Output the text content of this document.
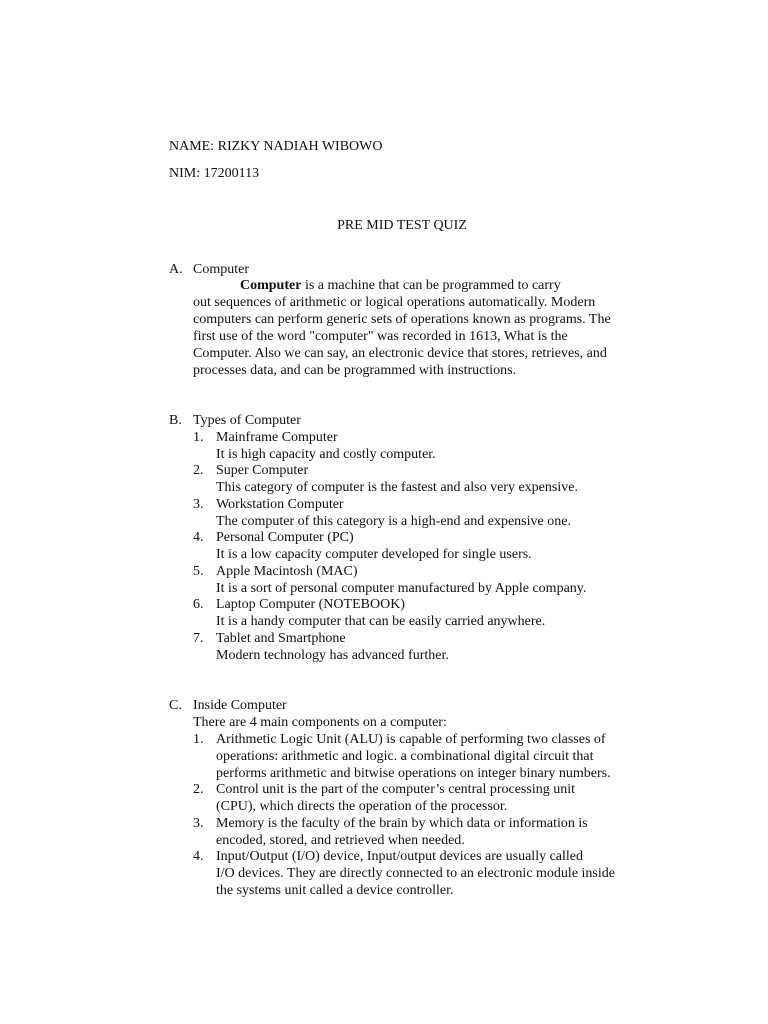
NAME: RIZKY NADIAH WIBOWO
NIM: 17200113
PRE MID TEST QUIZ
A. Computer
Computer is a machine that can be programmed to carry
out sequences of arithmetic or logical operations automatically. Modern
computers can perform generic sets of operations known as programs. The
first use of the word "computer" was recorded in 1613, What is the
Computer. Also we can say, an electronic device that stores, retrieves, and
processes data, and can be programmed with instructions.
B. Types of Computer
1. Mainframe Computer
It is high capacity and costly computer.
2. Super Computer
This category of computer is the fastest and also very expensive.
3. Workstation Computer
The computer of this category is a high-end and expensive one.
4. Personal Computer (PC)
It is a low capacity computer developed for single users.
5. Apple Macintosh (MAC)
It is a sort of personal computer manufactured by Apple company.
6. Laptop Computer (NOTEBOOK)
It is a handy computer that can be easily carried anywhere.
7. Tablet and Smartphone
Modern technology has advanced further.
C. Inside Computer
There are 4 main components on a computer:
1. Arithmetic Logic Unit (ALU) is capable of performing two classes of
operations: arithmetic and logic. a combinational digital circuit that
performs arithmetic and bitwise operations on integer binary numbers.
2. Control unit is the part of the computer’s central processing unit
(CPU), which directs the operation of the processor.
3. Memory is the faculty of the brain by which data or information is
encoded, stored, and retrieved when needed.
4. Input/Output (I/O) device, Input/output devices are usually called
I/O devices. They are directly connected to an electronic module inside
the systems unit called a device controller.
